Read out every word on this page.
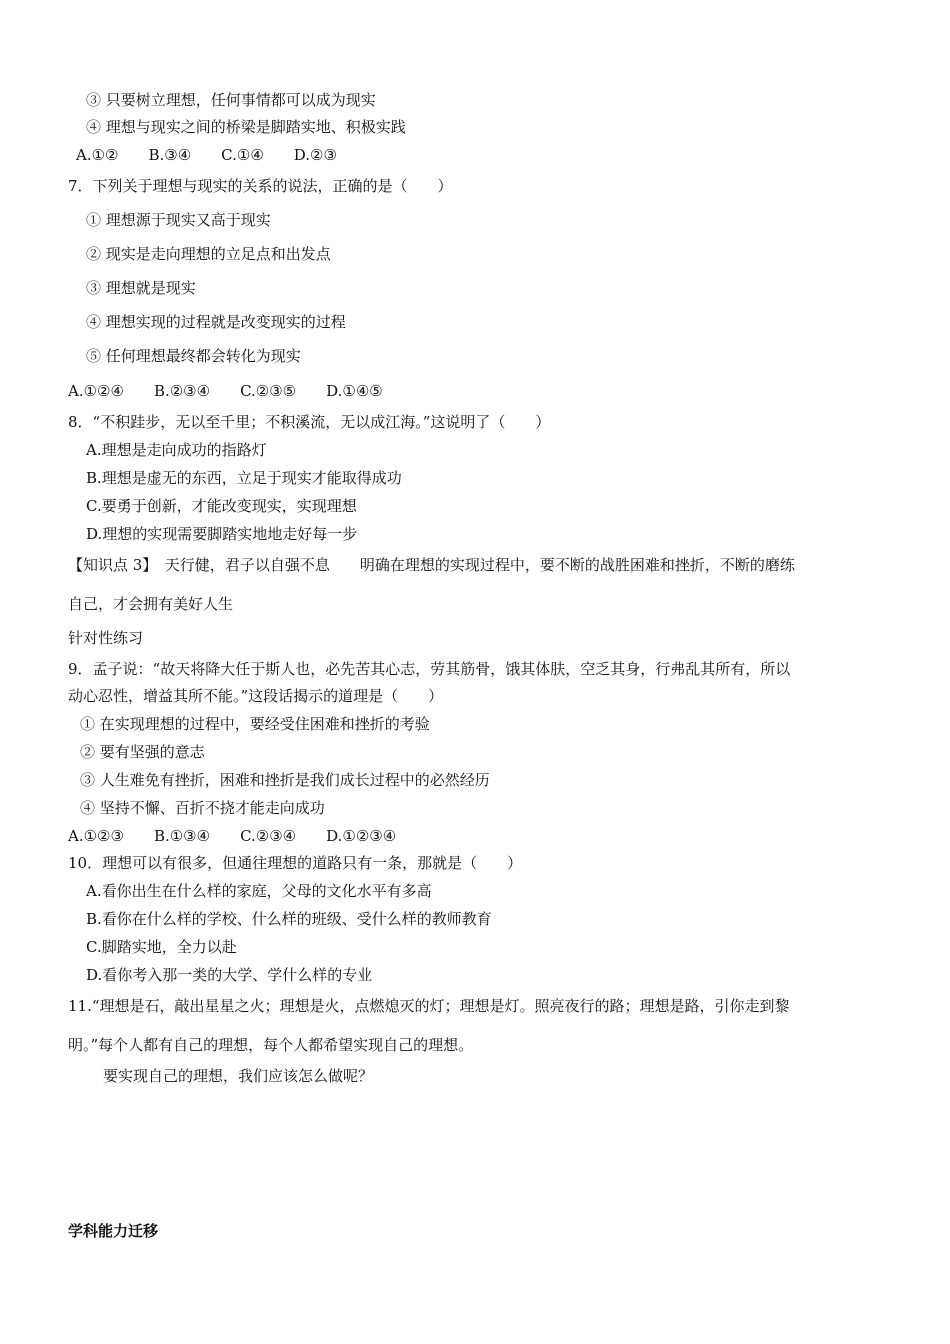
③ 只要树立理想，任何事情都可以成为现实
④ 理想与现实之间的桥梁是脚踏实地、积极实践
A.①②　　B.③④　　C.①④　　D.②③
7．下列关于理想与现实的关系的说法，正确的是（　　）
① 理想源于现实又高于现实
② 现实是走向理想的立足点和出发点
③ 理想就是现实
④ 理想实现的过程就是改变现实的过程
⑤ 任何理想最终都会转化为现实
A.①②④　　B.②③④　　C.②③⑤　　D.①④⑤
8．“不积跬步，无以至千里；不积溪流，无以成江海。”这说明了（　　）
A.理想是走向成功的指路灯
B.理想是虚无的东西，立足于现实才能取得成功
C.要勇于创新，才能改变现实，实现理想
D.理想的实现需要脚踏实地地走好每一步
【知识点 3】　天行健，君子以自强不息　　明确在理想的实现过程中，要不断的战胜困难和挫折，不断的磨练
自己，才会拥有美好人生
针对性练习
9．孟子说：“故天将降大任于斯人也，必先苦其心志，劳其筋骨，饿其体肤，空乏其身，行弗乱其所有，所以
动心忍性，增益其所不能。”这段话揭示的道理是（　　）
① 在实现理想的过程中，要经受住困难和挫折的考验
② 要有坚强的意志
③ 人生难免有挫折，困难和挫折是我们成长过程中的必然经历
④ 坚持不懈、百折不挠才能走向成功
A.①②③　　B.①③④　　C.②③④　　D.①②③④
10．理想可以有很多，但通往理想的道路只有一条，那就是（　　）
A.看你出生在什么样的家庭，父母的文化水平有多高
B.看你在什么样的学校、什么样的班级、受什么样的教师教育
C.脚踏实地，全力以赴
D.看你考入那一类的大学、学什么样的专业
11.“理想是石，敲出星星之火；理想是火，点燃熄灭的灯；理想是灯。照亮夜行的路；理想是路，引你走到黎
明。”每个人都有自己的理想，每个人都希望实现自己的理想。
要实现自己的理想，我们应该怎么做呢？
学科能力迁移
